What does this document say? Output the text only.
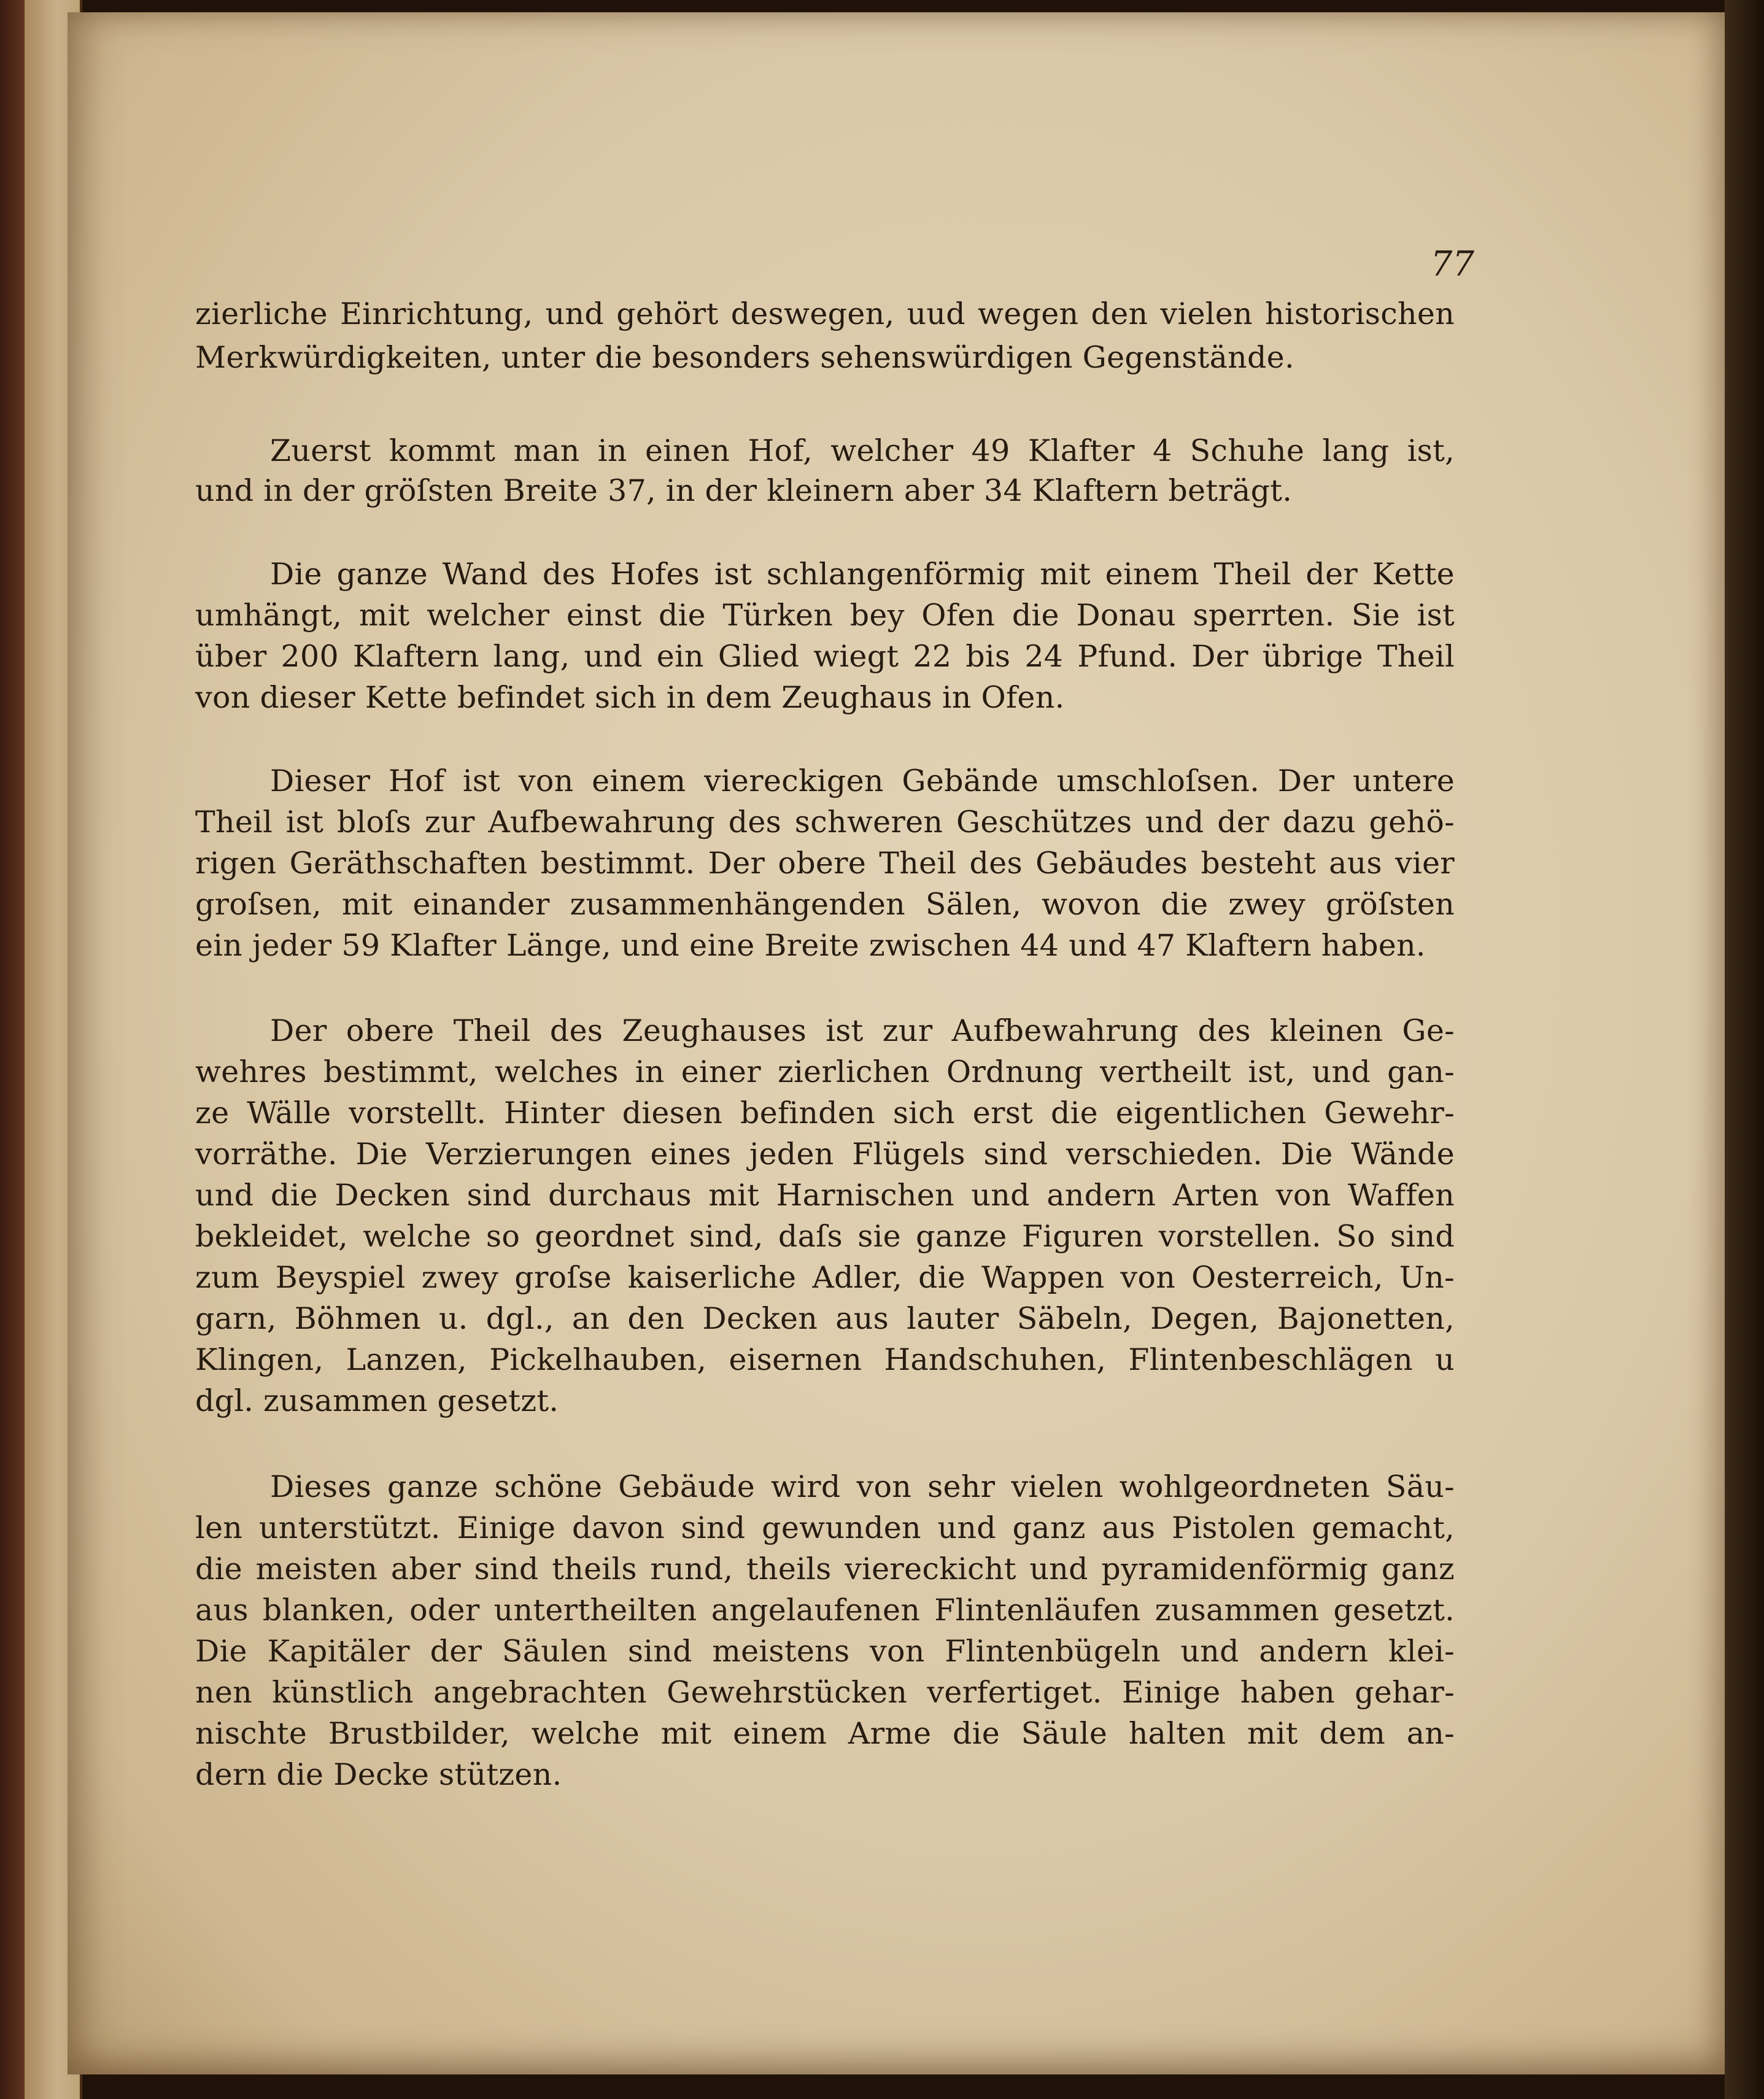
77
zierliche Einrichtung, und gehört deswegen, uud wegen den vielen historischen
Merkwürdigkeiten, unter die besonders sehenswürdigen Gegenstände.
Zuerst kommt man in einen Hof, welcher 49 Klafter 4 Schuhe lang ist,
und in der gröſsten Breite 37, in der kleinern aber 34 Klaftern beträgt.
Die ganze Wand des Hofes ist schlangenförmig mit einem Theil der Kette
umhängt, mit welcher einst die Türken bey Ofen die Donau sperrten. Sie ist
über 200 Klaftern lang, und ein Glied wiegt 22 bis 24 Pfund. Der übrige Theil
von dieser Kette befindet sich in dem Zeughaus in Ofen.
Dieser Hof ist von einem viereckigen Gebände umschloſsen. Der untere
Theil ist bloſs zur Aufbewahrung des schweren Geschützes und der dazu gehö-
rigen Geräthschaften bestimmt. Der obere Theil des Gebäudes besteht aus vier
groſsen, mit einander zusammenhängenden Sälen, wovon die zwey gröſsten
ein jeder 59 Klafter Länge, und eine Breite zwischen 44 und 47 Klaftern haben.
Der obere Theil des Zeughauses ist zur Aufbewahrung des kleinen Ge-
wehres bestimmt, welches in einer zierlichen Ordnung vertheilt ist, und gan-
ze Wälle vorstellt. Hinter diesen befinden sich erst die eigentlichen Gewehr-
vorräthe. Die Verzierungen eines jeden Flügels sind verschieden. Die Wände
und die Decken sind durchaus mit Harnischen und andern Arten von Waffen
bekleidet, welche so geordnet sind, daſs sie ganze Figuren vorstellen. So sind
zum Beyspiel zwey groſse kaiserliche Adler, die Wappen von Oesterreich, Un-
garn, Böhmen u. dgl., an den Decken aus lauter Säbeln, Degen, Bajonetten,
Klingen, Lanzen, Pickelhauben, eisernen Handschuhen, Flintenbeschlägen u
dgl. zusammen gesetzt.
Dieses ganze schöne Gebäude wird von sehr vielen wohlgeordneten Säu-
len unterstützt. Einige davon sind gewunden und ganz aus Pistolen gemacht,
die meisten aber sind theils rund, theils viereckicht und pyramidenförmig ganz
aus blanken, oder untertheilten angelaufenen Flintenläufen zusammen gesetzt.
Die Kapitäler der Säulen sind meistens von Flintenbügeln und andern klei-
nen künstlich angebrachten Gewehrstücken verfertiget. Einige haben gehar-
nischte Brustbilder, welche mit einem Arme die Säule halten mit dem an-
dern die Decke stützen.
